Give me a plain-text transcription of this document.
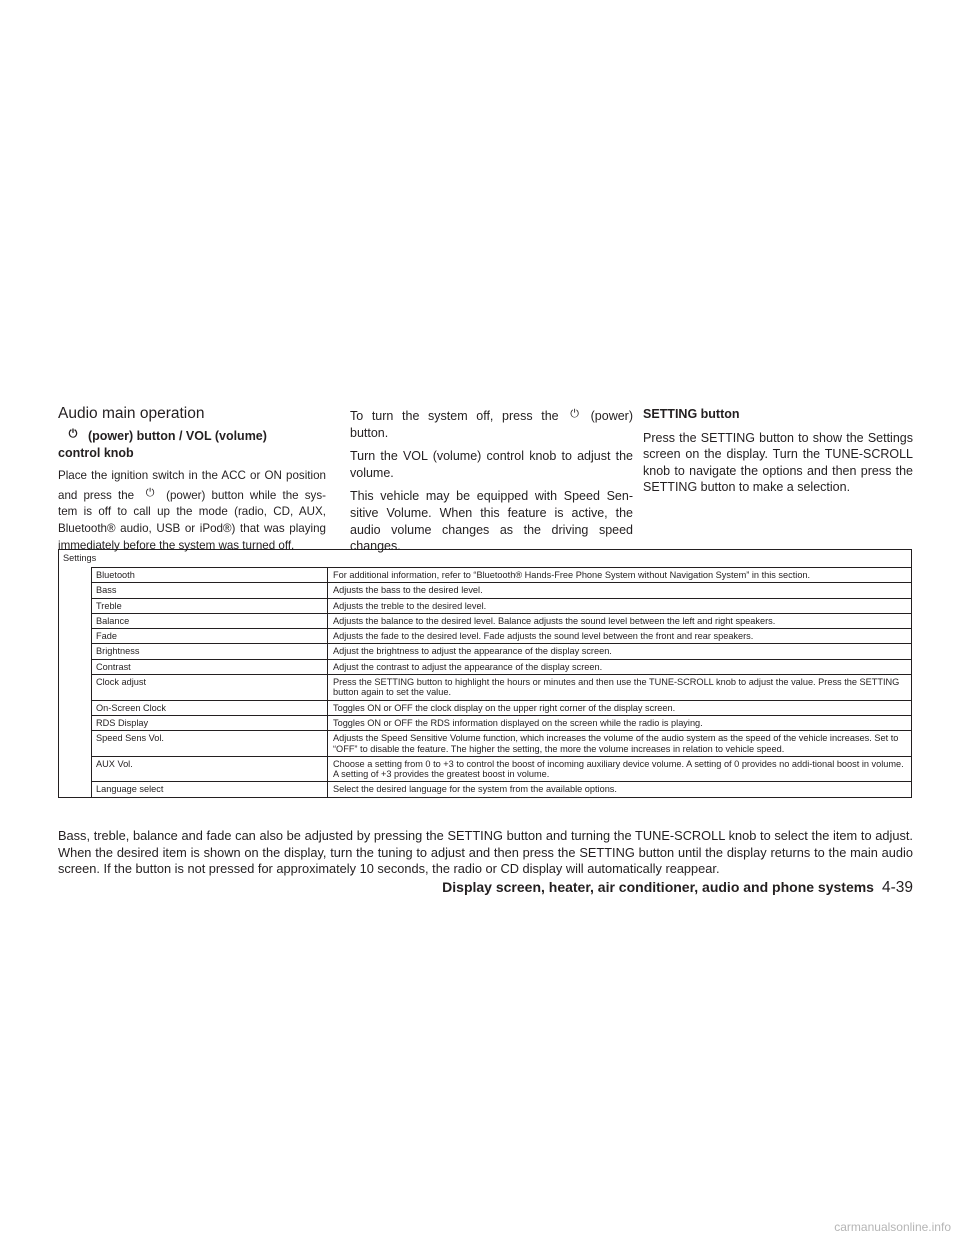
Audio main operation

⏻ (power) button / VOL (volume)
control knob

Place the ignition switch in the ACC or ON position and press the ⏻ (power) button while the sys-tem is off to call up the mode (radio, CD, AUX, Bluetooth® audio, USB or iPod®) that was playing immediately before the system was turned off.

To turn the system off, press the ⏻ (power) button.

Turn the VOL (volume) control knob to adjust the volume.

This vehicle may be equipped with Speed Sen-sitive Volume. When this feature is active, the audio volume changes as the driving speed changes.

SETTING button

Press the SETTING button to show the Settings screen on the display. Turn the TUNE-SCROLL knob to navigate the options and then press the SETTING button to make a selection.

Settings
Bluetooth	For additional information, refer to “Bluetooth® Hands-Free Phone System without Navigation System” in this section.
Bass	Adjusts the bass to the desired level.
Treble	Adjusts the treble to the desired level.
Balance	Adjusts the balance to the desired level. Balance adjusts the sound level between the left and right speakers.
Fade	Adjusts the fade to the desired level. Fade adjusts the sound level between the front and rear speakers.
Brightness	Adjust the brightness to adjust the appearance of the display screen.
Contrast	Adjust the contrast to adjust the appearance of the display screen.
Clock adjust	Press the SETTING button to highlight the hours or minutes and then use the TUNE-SCROLL knob to adjust the value. Press the SETTING button again to set the value.
On-Screen Clock	Toggles ON or OFF the clock display on the upper right corner of the display screen.
RDS Display	Toggles ON or OFF the RDS information displayed on the screen while the radio is playing.
Speed Sens Vol.	Adjusts the Speed Sensitive Volume function, which increases the volume of the audio system as the speed of the vehicle increases. Set to “OFF” to disable the feature. The higher the setting, the more the volume increases in relation to vehicle speed.
AUX Vol.	Choose a setting from 0 to +3 to control the boost of incoming auxiliary device volume. A setting of 0 provides no addi-tional boost in volume. A setting of +3 provides the greatest boost in volume.
Language select	Select the desired language for the system from the available options.
Bass, treble, balance and fade can also be adjusted by pressing the SETTING button and turning the TUNE-SCROLL knob to select the item to adjust. When the desired item is shown on the display, turn the tuning to adjust and then press the SETTING button until the display returns to the main audio screen. If the button is not pressed for approximately 10 seconds, the radio or CD display will automatically reappear.
Display screen, heater, air conditioner, audio and phone systems 4-39
carmanualsonline.info
